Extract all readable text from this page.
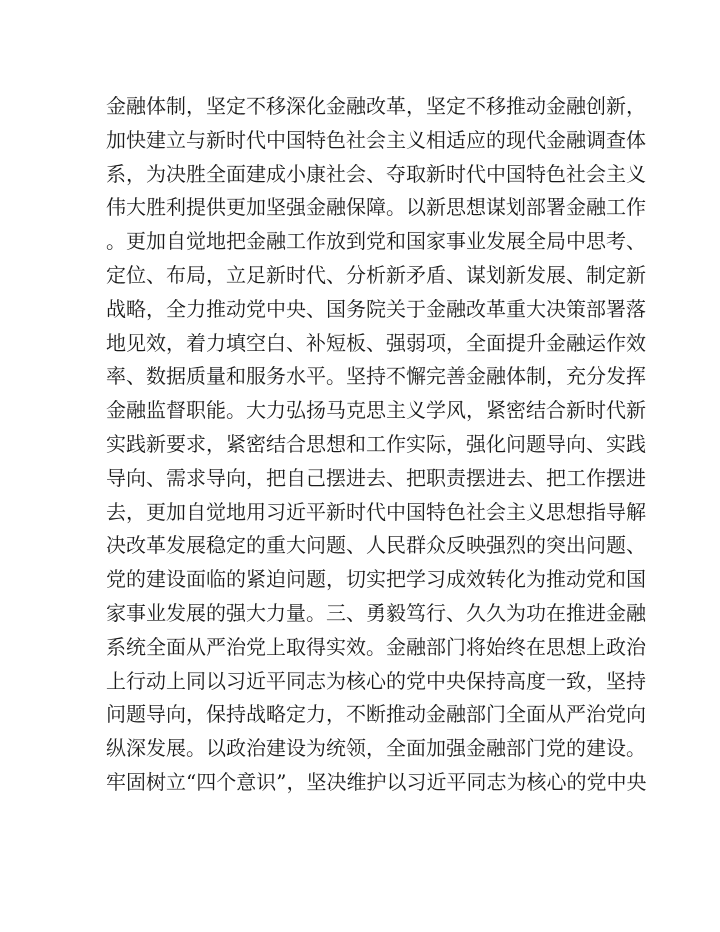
金融体制，坚定不移深化金融改革，坚定不移推动金融创新，
加快建立与新时代中国特色社会主义相适应的现代金融调查体
系，为决胜全面建成小康社会、夺取新时代中国特色社会主义
伟大胜利提供更加坚强金融保障。以新思想谋划部署金融工作
。更加自觉地把金融工作放到党和国家事业发展全局中思考、
定位、布局，立足新时代、分析新矛盾、谋划新发展、制定新
战略，全力推动党中央、国务院关于金融改革重大决策部署落
地见效，着力填空白、补短板、强弱项，全面提升金融运作效
率、数据质量和服务水平。坚持不懈完善金融体制，充分发挥
金融监督职能。大力弘扬马克思主义学风，紧密结合新时代新
实践新要求，紧密结合思想和工作实际，强化问题导向、实践
导向、需求导向，把自己摆进去、把职责摆进去、把工作摆进
去，更加自觉地用习近平新时代中国特色社会主义思想指导解
决改革发展稳定的重大问题、人民群众反映强烈的突出问题、
党的建设面临的紧迫问题，切实把学习成效转化为推动党和国
家事业发展的强大力量。三、勇毅笃行、久久为功在推进金融
系统全面从严治党上取得实效。金融部门将始终在思想上政治
上行动上同以习近平同志为核心的党中央保持高度一致，坚持
问题导向，保持战略定力，不断推动金融部门全面从严治党向
纵深发展。以政治建设为统领，全面加强金融部门党的建设。
牢固树立“四个意识”，坚决维护以习近平同志为核心的党中央
